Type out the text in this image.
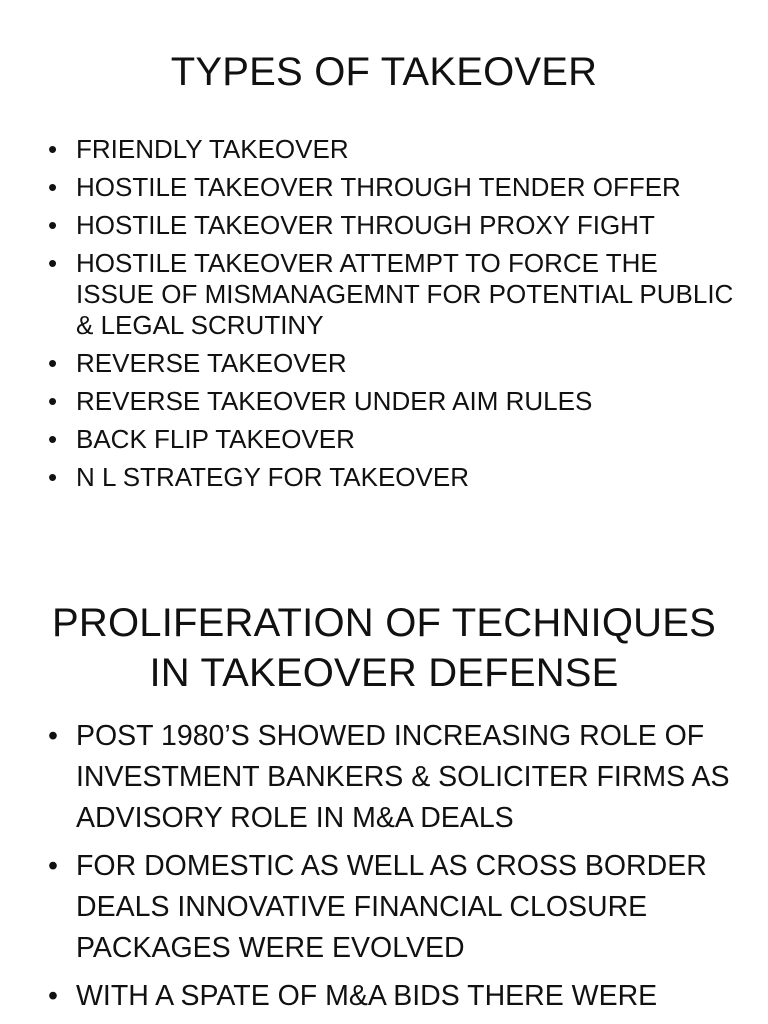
TYPES OF TAKEOVER
• FRIENDLY TAKEOVER
• HOSTILE TAKEOVER THROUGH TENDER OFFER
• HOSTILE TAKEOVER THROUGH PROXY FIGHT
• HOSTILE TAKEOVER ATTEMPT TO FORCE THE ISSUE OF MISMANAGEMNT FOR POTENTIAL PUBLIC & LEGAL SCRUTINY
• REVERSE TAKEOVER
• REVERSE TAKEOVER UNDER AIM RULES
• BACK FLIP TAKEOVER
• N L STRATEGY FOR TAKEOVER
PROLIFERATION OF TECHNIQUES
IN TAKEOVER DEFENSE
• POST 1980’S SHOWED INCREASING ROLE OF INVESTMENT BANKERS & SOLICITER FIRMS AS ADVISORY ROLE IN M&A DEALS
• FOR DOMESTIC AS WELL AS CROSS BORDER DEALS INNOVATIVE FINANCIAL CLOSURE PACKAGES WERE EVOLVED
• WITH A SPATE OF M&A BIDS THERE WERE
